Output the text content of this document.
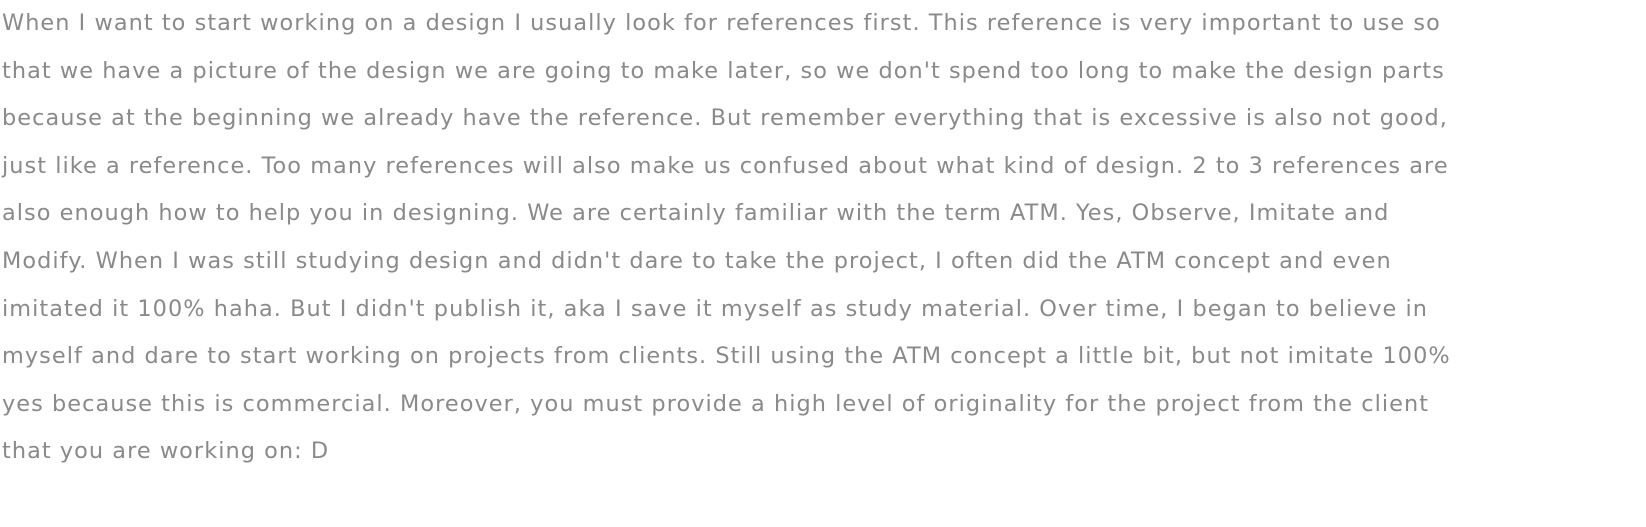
When I want to start working on a design I usually look for references first. This reference is very important to use so
that we have a picture of the design we are going to make later, so we don't spend too long to make the design parts
because at the beginning we already have the reference. But remember everything that is excessive is also not good,
just like a reference. Too many references will also make us confused about what kind of design. 2 to 3 references are
also enough how to help you in designing. We are certainly familiar with the term ATM. Yes, Observe, Imitate and
Modify. When I was still studying design and didn't dare to take the project, I often did the ATM concept and even
imitated it 100% haha. But I didn't publish it, aka I save it myself as study material. Over time, I began to believe in
myself and dare to start working on projects from clients. Still using the ATM concept a little bit, but not imitate 100%
yes because this is commercial. Moreover, you must provide a high level of originality for the project from the client
that you are working on: D
